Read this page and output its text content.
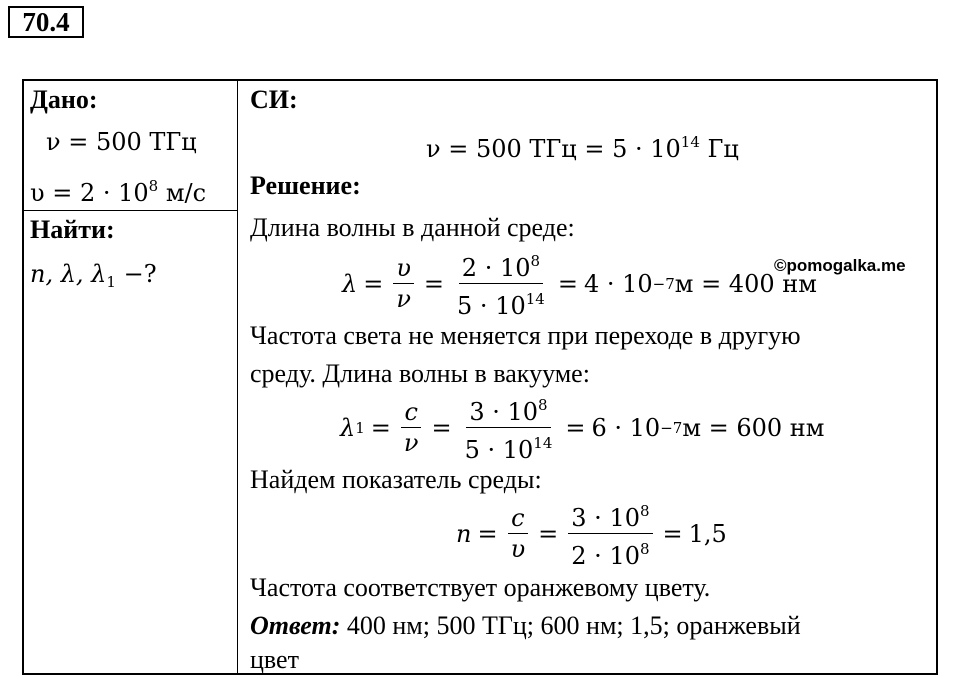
70.4
Дано:
ν = 500 ТГц
$\upsilon = 2 \cdot 10^8$ м/с
Найти:
n, λ, $\lambda_1$ −?
СИ:
ν = 500 ТГц = $5 \cdot 10^{14}$ Гц
Решение:
Длина волны в данной среде:
©pomogalka.me
$\lambda = \frac{\upsilon}{\nu} = \frac{2 \cdot 10^8}{5 \cdot 10^{14}} = 4 \cdot 10 -7$ м = 400 нм
Частота света не меняется при переходе в другую
среду. Длина волны в вакууме:
λ $1 = \frac{c}{\nu} = \frac{3 \cdot 10^8}{5 \cdot 10^{14}} = 6 \cdot 10 -7$ м = 600 нм
Найдем показатель среды:
$n = \frac{c}{\upsilon} = \frac{3 \cdot 10^8}{2 \cdot 10^8} = 1,5$
Частота соответствует оранжевому цвету.
Ответ: 400 нм; 500 ТГц; 600 нм; 1,5; оранжевый
цвет
